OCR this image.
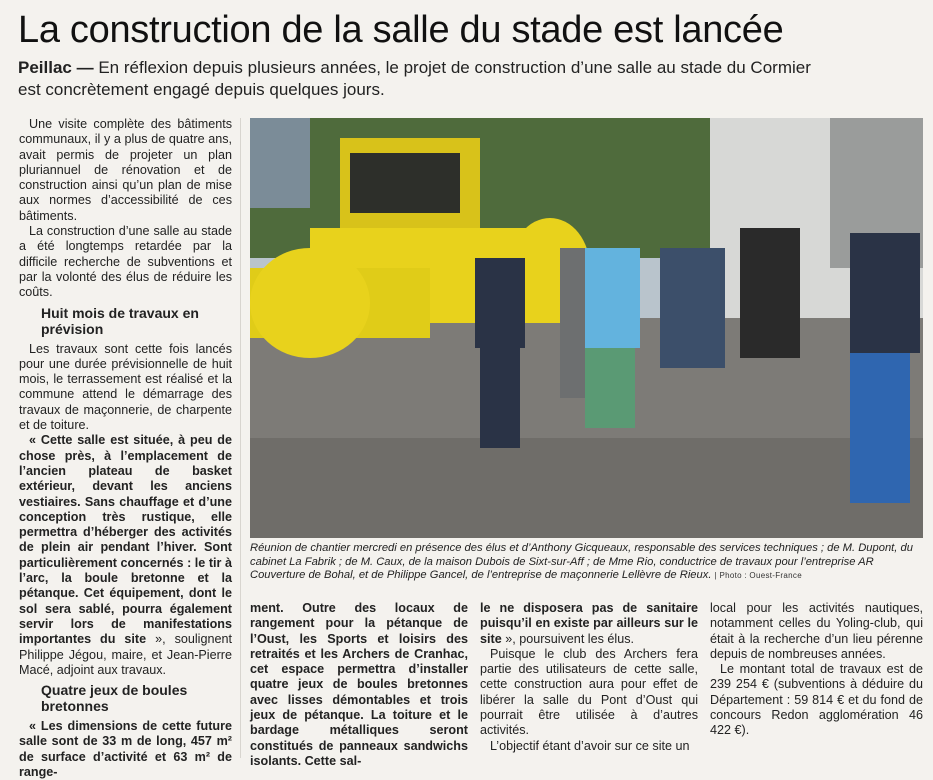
La construction de la salle du stade est lancée
Peillac — En réflexion depuis plusieurs années, le projet de construction d’une salle au stade du Cormier est concrètement engagé depuis quelques jours.

Une visite complète des bâtiments communaux, il y a plus de quatre ans, avait permis de projeter un plan pluriannuel de rénovation et de construction ainsi qu’un plan de mise aux normes d’accessibilité de ces bâtiments.

La construction d’une salle au stade a été longtemps retardée par la difficile recherche de subventions et par la volonté des élus de réduire les coûts.

Huit mois de travaux en prévision

Les travaux sont cette fois lancés pour une durée prévisionnelle de huit mois, le terrassement est réalisé et la commune attend le démarrage des travaux de maçonnerie, de charpente et de toiture.

« Cette salle est située, à peu de chose près, à l’emplacement de l’ancien plateau de basket extérieur, devant les anciens vestiaires. Sans chauffage et d’une conception très rustique, elle permettra d’héberger des activités de plein air pendant l’hiver. Sont particulièrement concernés : le tir à l’arc, la boule bretonne et la pétanque. Cet équipement, dont le sol sera sablé, pourra également servir lors de manifestations importantes du site », soulignent Philippe Jégou, maire, et Jean-Pierre Macé, adjoint aux travaux.

Quatre jeux de boules bretonnes

« Les dimensions de cette future salle sont de 33 m de long, 457 m² de surface d’activité et 63 m² de range-

Réunion de chantier mercredi en présence des élus et d’Anthony Gicqueaux, responsable des services techniques ; de M. Dupont, du cabinet La Fabrik ; de M. Caux, de la maison Dubois de Sixt-sur-Aff ; de Mme Rio, conductrice de travaux pour l’entreprise AR Couverture de Bohal, et de Philippe Gancel, de l’entreprise de maçonnerie Lellèvre de Rieux. | Photo : Ouest-France

ment. Outre des locaux de rangement pour la pétanque de l’Oust, les Sports et loisirs des retraités et les Archers de Cranhac, cet espace permettra d’installer quatre jeux de boules bretonnes avec lisses démontables et trois jeux de pétanque. La toiture et le bardage métalliques seront constitués de panneaux sandwichs isolants. Cette sal-

le ne disposera pas de sanitaire puisqu’il en existe par ailleurs sur le site », poursuivent les élus.

Puisque le club des Archers fera partie des utilisateurs de cette salle, cette construction aura pour effet de libérer la salle du Pont d’Oust qui pourrait être utilisée à d’autres activités.

L’objectif étant d’avoir sur ce site un

local pour les activités nautiques, notamment celles du Yoling-club, qui était à la recherche d’un lieu pérenne depuis de nombreuses années.

Le montant total de travaux est de 239 254 € (subventions à déduire du Département : 59 814 € et du fond de concours Redon agglomération 46 422 €).
